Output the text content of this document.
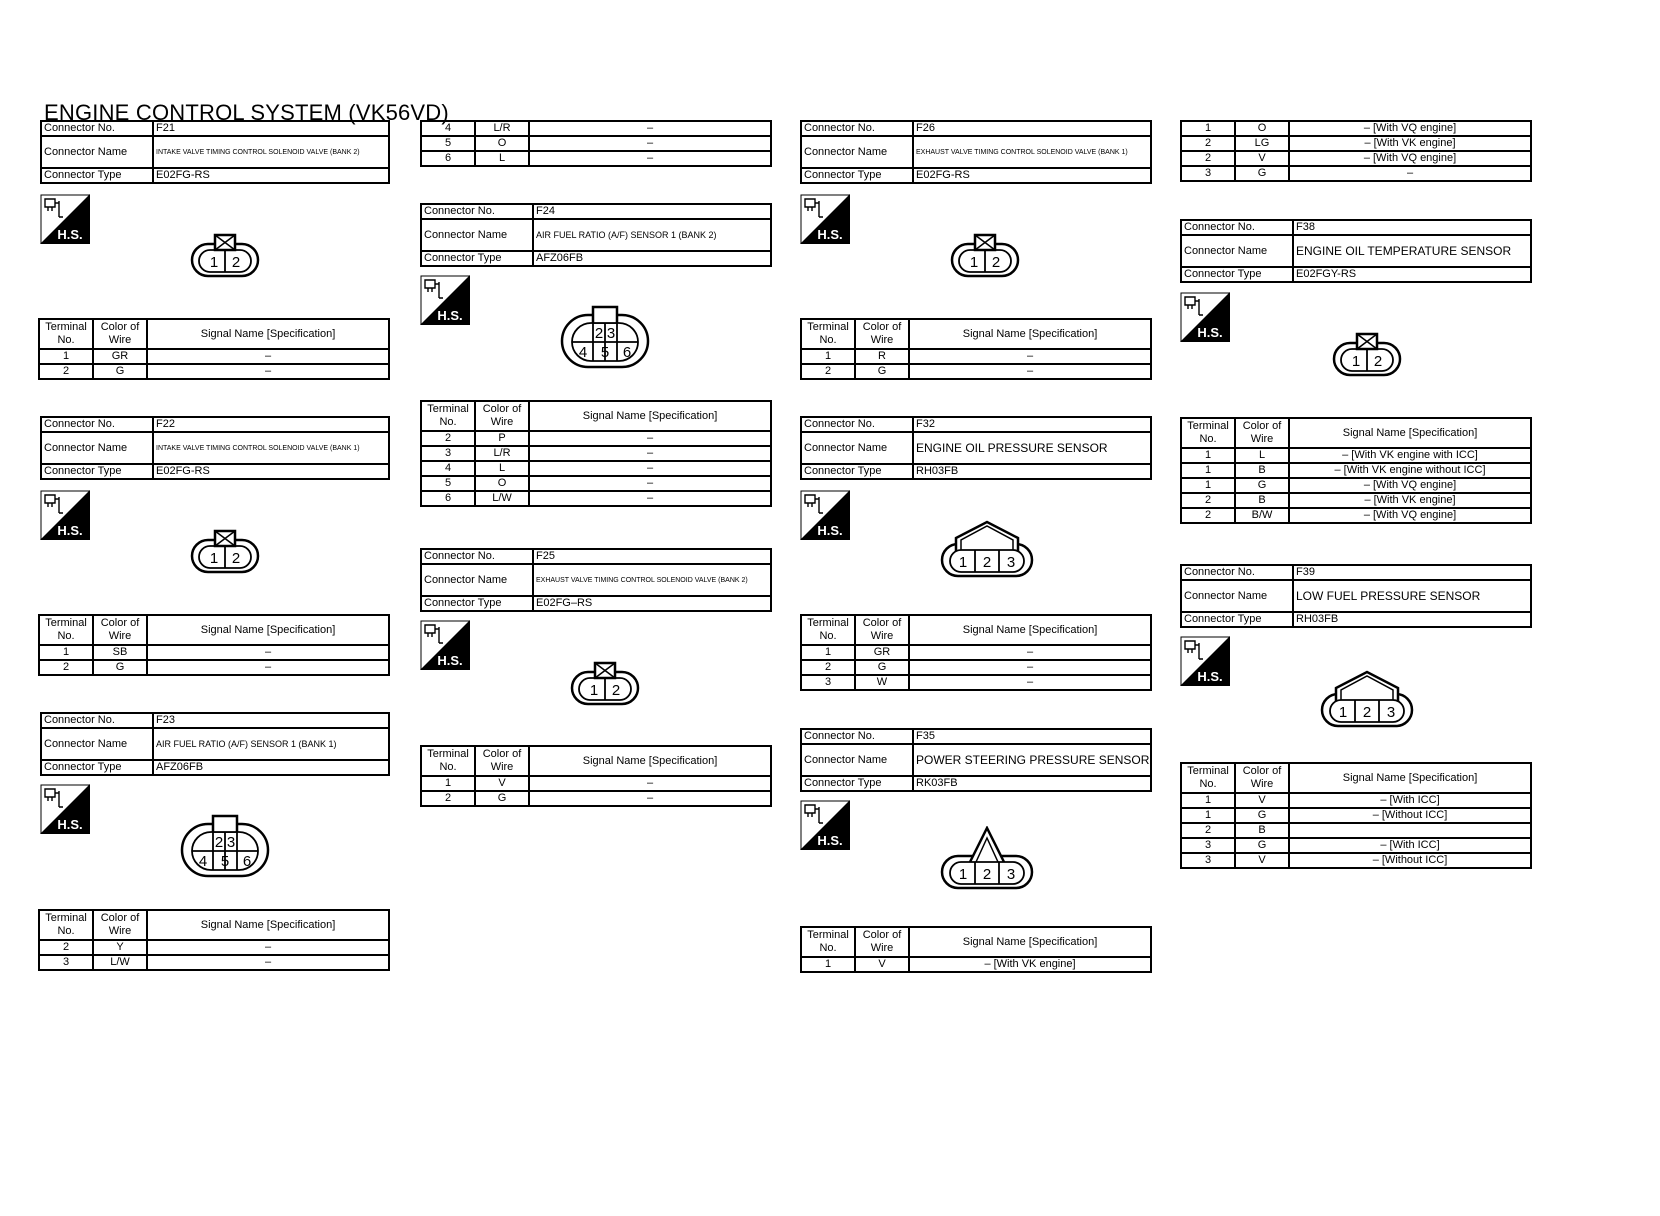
ENGINE CONTROL SYSTEM (VK56VD)
Connector No.	F21
Connector Name	INTAKE VALVE TIMING CONTROL SOLENOID VALVE (BANK 2)
Connector Type	E02FG-RS
H.S.
1 2
Terminal No.	Color of Wire	Signal Name [Specification]
1	GR	–
2	G	–
Connector No.	F22
Connector Name	INTAKE VALVE TIMING CONTROL SOLENOID VALVE (BANK 1)
Connector Type	E02FG-RS
H.S.
1 2
Terminal No.	Color of Wire	Signal Name [Specification]
1	SB	–
2	G	–
Connector No.	F23
Connector Name	AIR FUEL RATIO (A/F) SENSOR 1 (BANK 1)
Connector Type	AFZ06FB
H.S.
2 3
4 5 6
Terminal No.	Color of Wire	Signal Name [Specification]
2	Y	–
3	L/W	–
4	L/R	–
5	O	–
6	L	–
Connector No.	F24
Connector Name	AIR FUEL RATIO (A/F) SENSOR 1 (BANK 2)
Connector Type	AFZ06FB
H.S.
2 3
4 5 6
Terminal No.	Color of Wire	Signal Name [Specification]
2	P	–
3	L/R	–
4	L	–
5	O	–
6	L/W	–
Connector No.	F25
Connector Name	EXHAUST VALVE TIMING CONTROL SOLENOID VALVE (BANK 2)
Connector Type	E02FG–RS
H.S.
1 2
Terminal No.	Color of Wire	Signal Name [Specification]
1	V	–
2	G	–
Connector No.	F26
Connector Name	EXHAUST VALVE TIMING CONTROL SOLENOID VALVE (BANK 1)
Connector Type	E02FG-RS
H.S.
1 2
Terminal No.	Color of Wire	Signal Name [Specification]
1	R	–
2	G	–
Connector No.	F32
Connector Name	ENGINE OIL PRESSURE SENSOR
Connector Type	RH03FB
H.S.
1 2 3
Terminal No.	Color of Wire	Signal Name [Specification]
1	GR	–
2	G	–
3	W	–
Connector No.	F35
Connector Name	POWER STEERING PRESSURE SENSOR
Connector Type	RK03FB
H.S.
1 2 3
Terminal No.	Color of Wire	Signal Name [Specification]
1	V	– [With VK engine]
1	O	– [With VQ engine]
2	LG	– [With VK engine]
2	V	– [With VQ engine]
3	G	–
Connector No.	F38
Connector Name	ENGINE OIL TEMPERATURE SENSOR
Connector Type	E02FGY-RS
H.S.
1 2
Terminal No.	Color of Wire	Signal Name [Specification]
1	L	– [With VK engine with ICC]
1	B	– [With VK engine without ICC]
1	G	– [With VQ engine]
2	B	– [With VK engine]
2	B/W	– [With VQ engine]
Connector No.	F39
Connector Name	LOW FUEL PRESSURE SENSOR
Connector Type	RH03FB
H.S.
1 2 3
Terminal No.	Color of Wire	Signal Name [Specification]
1	V	– [With ICC]
1	G	– [Without ICC]
2	B	
3	G	– [With ICC]
3	V	– [Without ICC]
